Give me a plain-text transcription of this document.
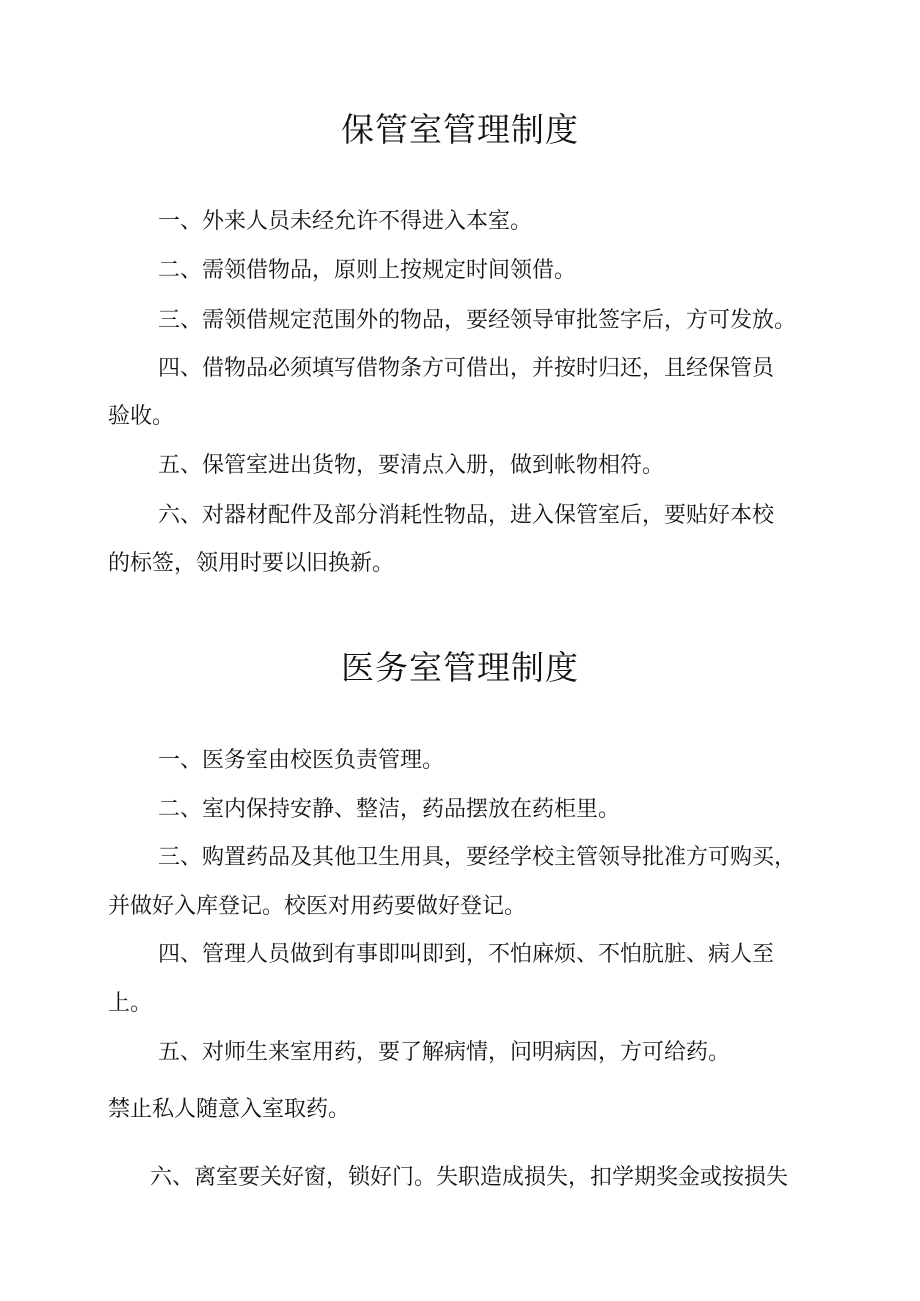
保管室管理制度
一、外来人员未经允许不得进入本室。
二、需领借物品，原则上按规定时间领借。
三、需领借规定范围外的物品，要经领导审批签字后，方可发放。
四、借物品必须填写借物条方可借出，并按时归还，且经保管员
验收。
五、保管室进出货物，要清点入册，做到帐物相符。
六、对器材配件及部分消耗性物品，进入保管室后，要贴好本校
的标签，领用时要以旧换新。
医务室管理制度
一、医务室由校医负责管理。
二、室内保持安静、整洁，药品摆放在药柜里。
三、购置药品及其他卫生用具，要经学校主管领导批准方可购买，
并做好入库登记。校医对用药要做好登记。
四、管理人员做到有事即叫即到，不怕麻烦、不怕肮脏、病人至
上。
五、对师生来室用药，要了解病情，问明病因，方可给药。
禁止私人随意入室取药。
六、离室要关好窗，锁好门。失职造成损失，扣学期奖金或按损失
